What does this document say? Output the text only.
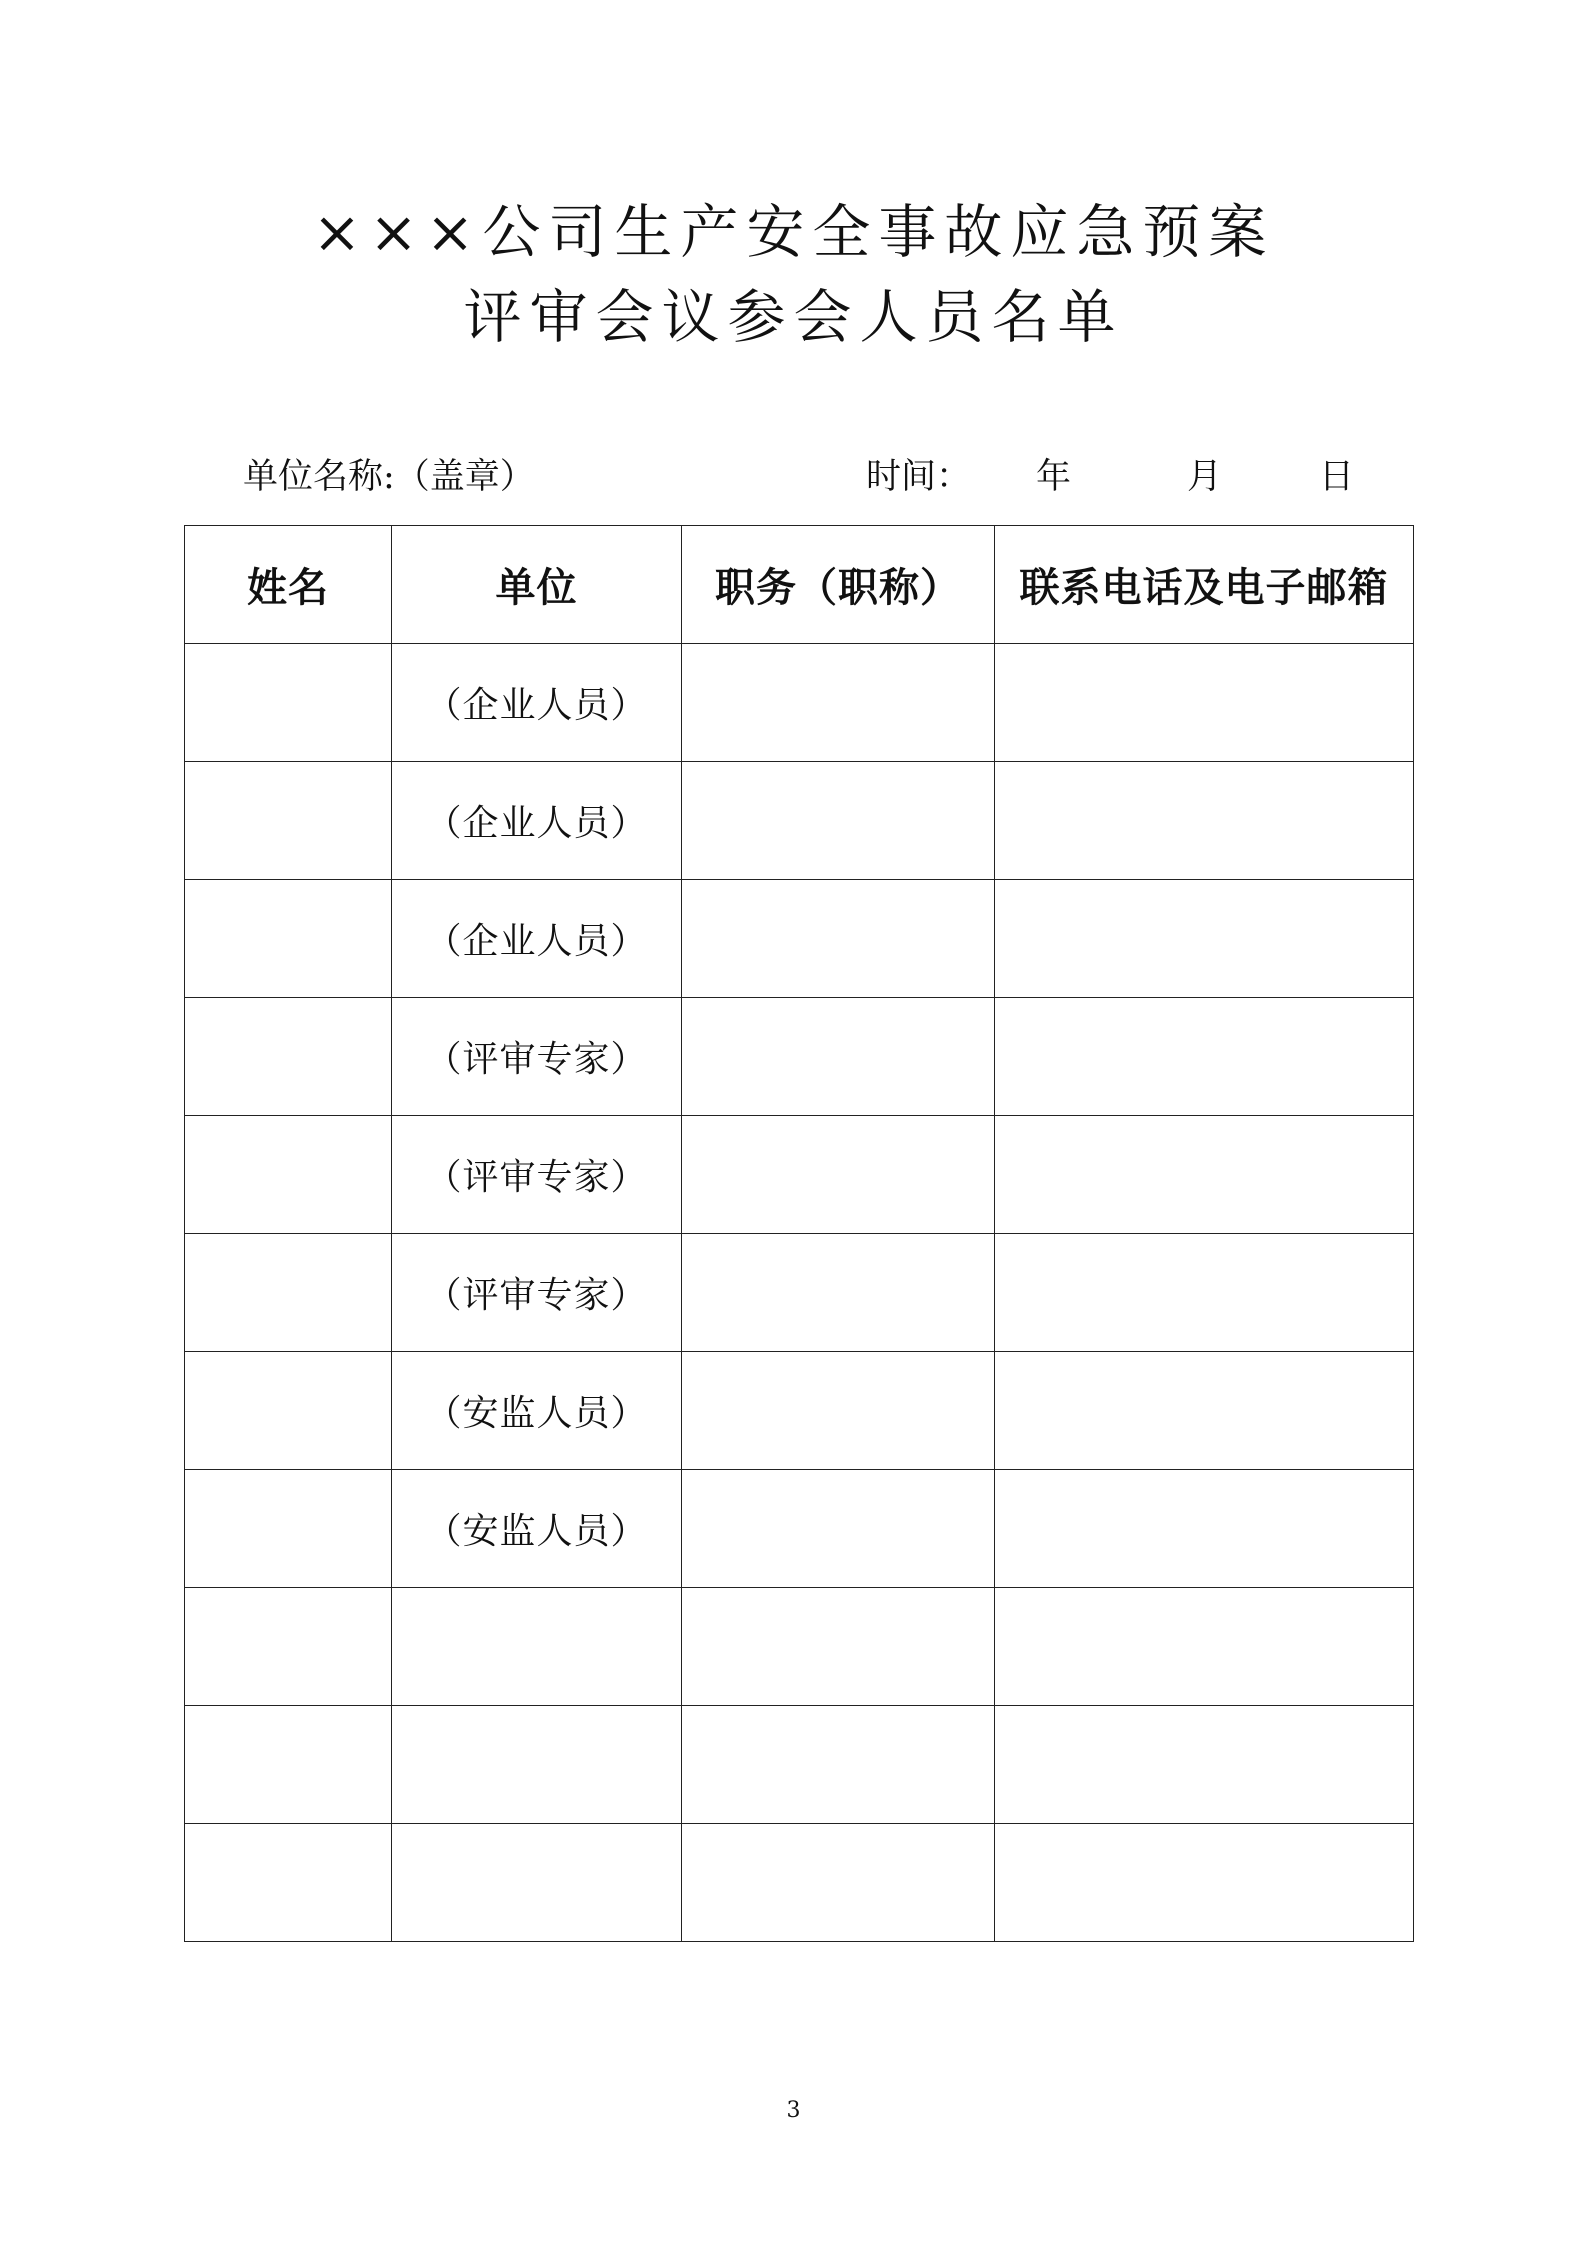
×××公司生产安全事故应急预案
评审会议参会人员名单
单位名称:（盖章）	时间： 年	月	日
姓名	单位	职务（职称）	联系电话及电子邮箱
	（企业人员）		
	（企业人员）		
	（企业人员）		
	（评审专家）		
	（评审专家）		
	（评审专家）		
	（安监人员）		
	（安监人员）		

3
